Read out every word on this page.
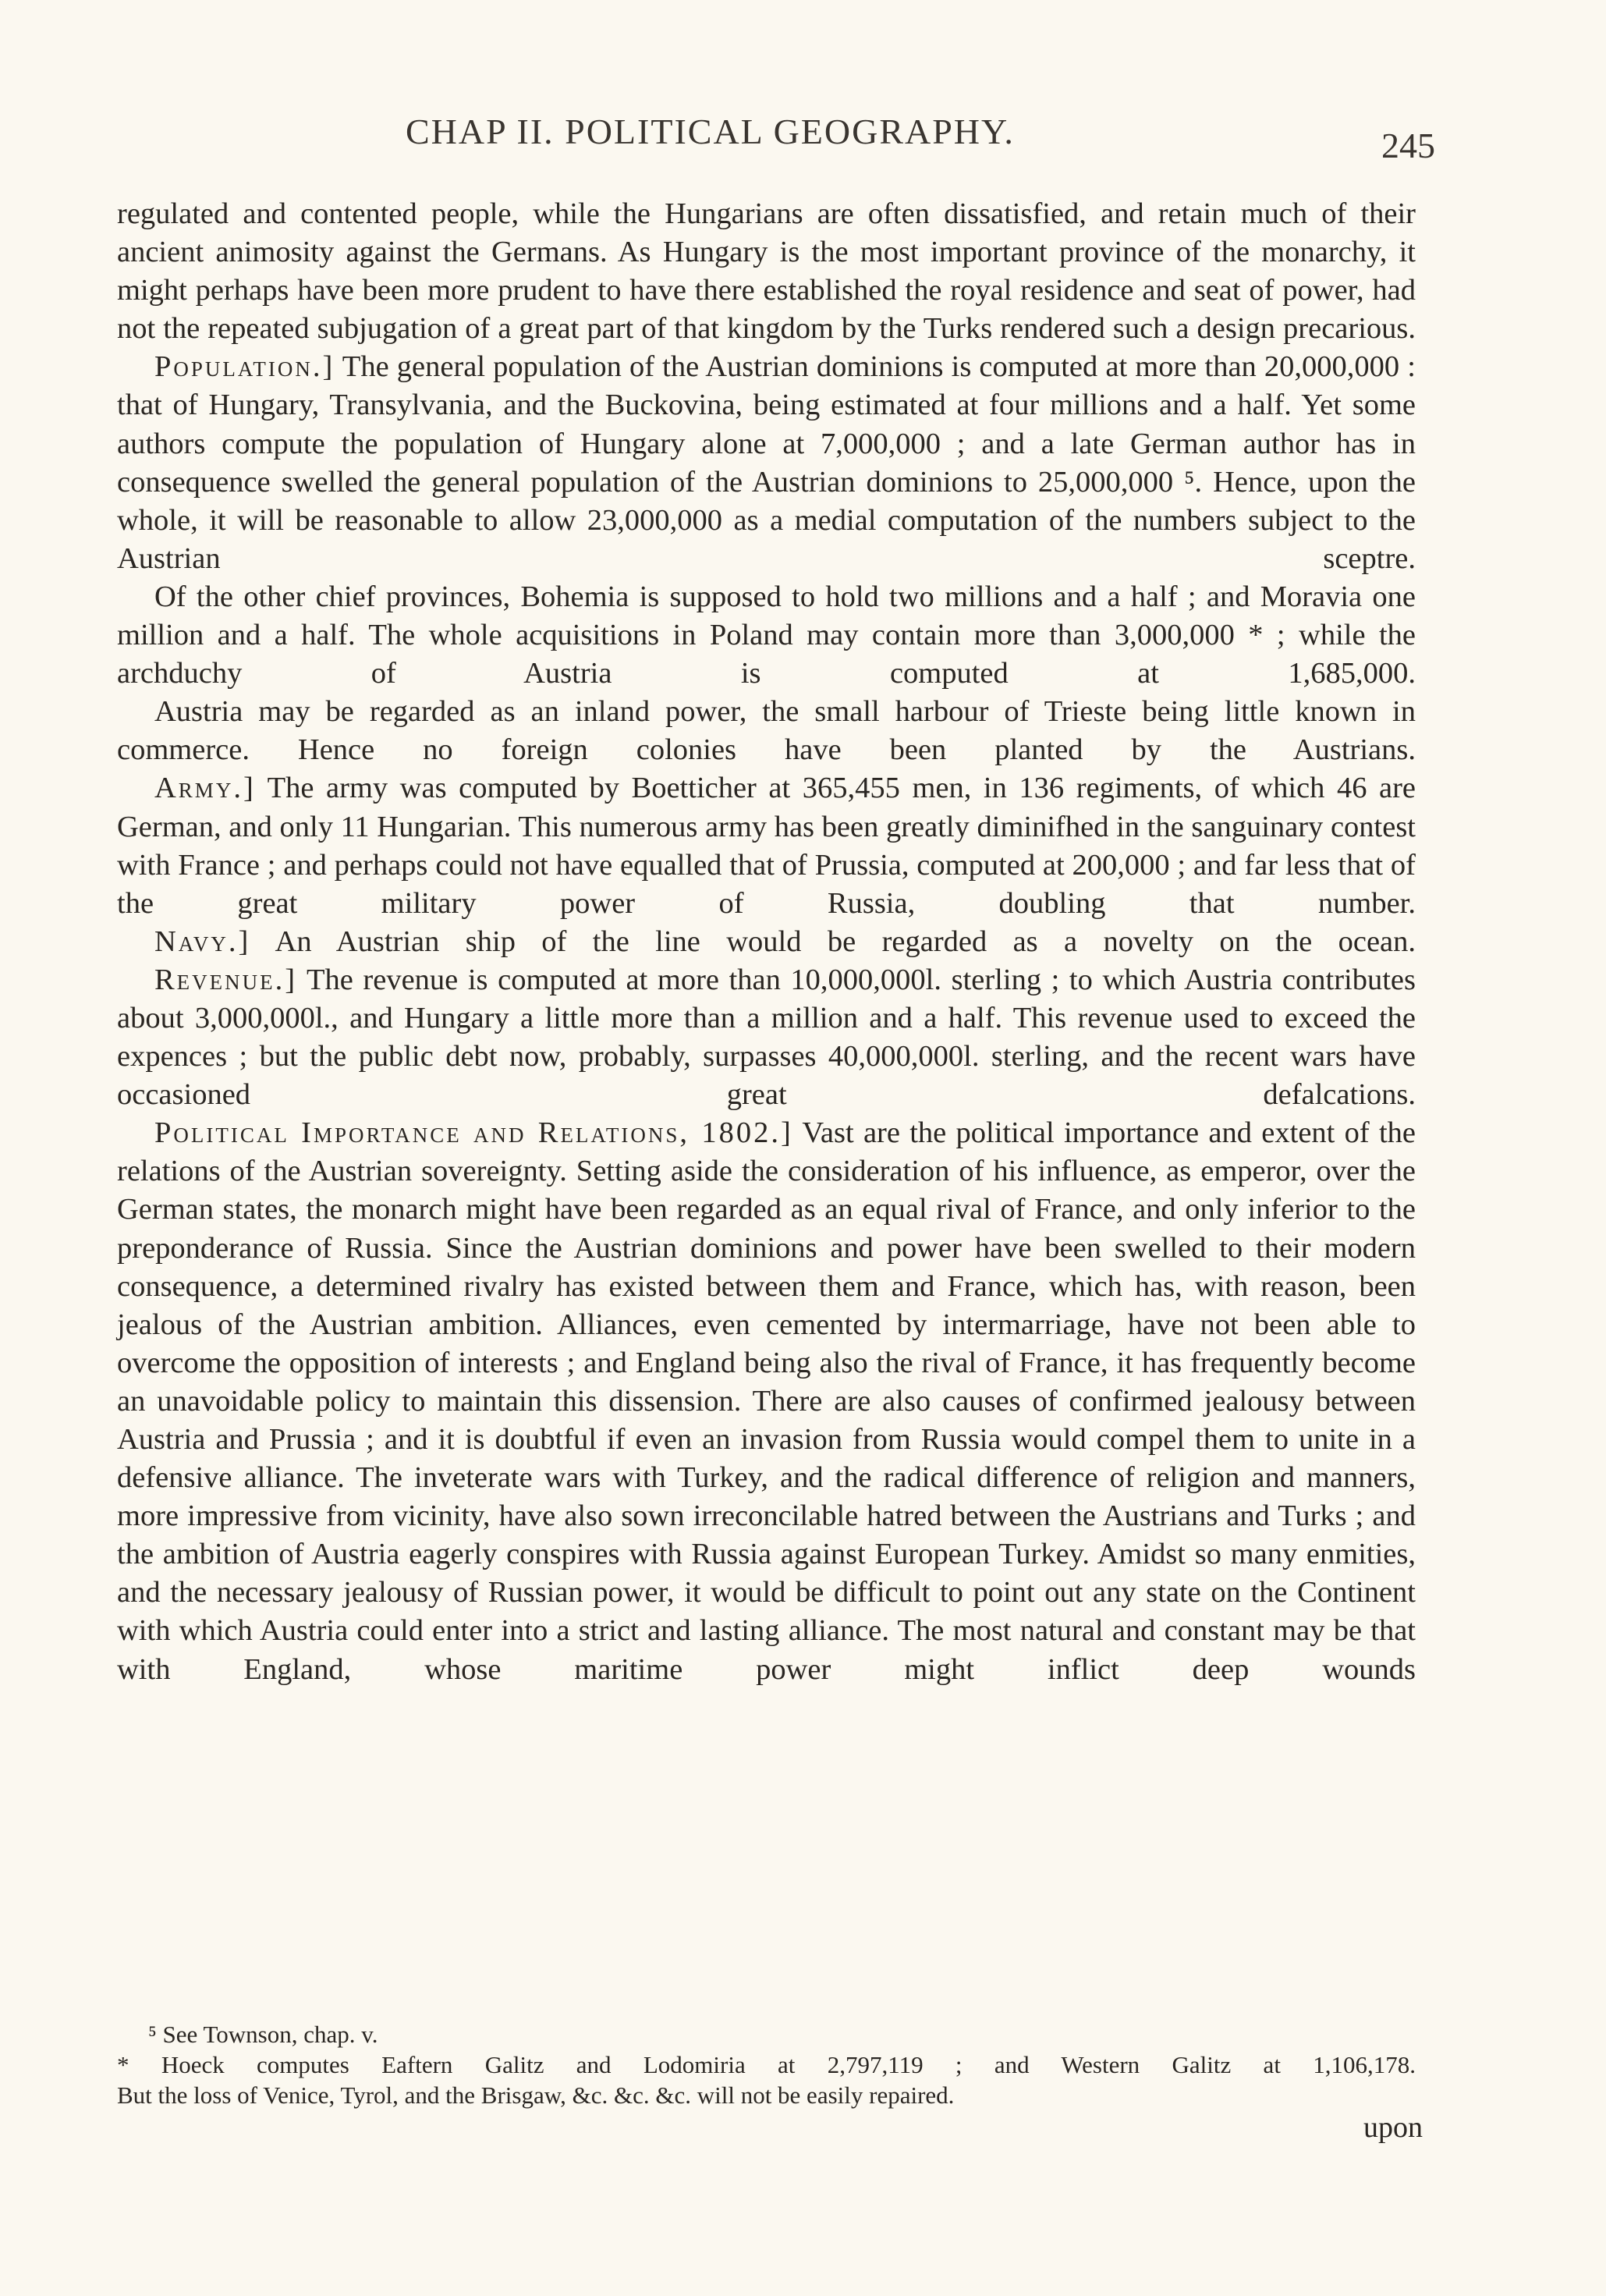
CHAP II. POLITICAL GEOGRAPHY.	245

regulated and contented people, while the Hungarians are often dissatisfied, and retain much of their ancient animosity against the Germans. As Hungary is the most important province of the monarchy, it might perhaps have been more prudent to have there established the royal residence and seat of power, had not the repeated subjugation of a great part of that kingdom by the Turks rendered such a design precarious.

Population.] The general population of the Austrian dominions is computed at more than 20,000,000 : that of Hungary, Transylvania, and the Buckovina, being estimated at four millions and a half. Yet some authors compute the population of Hungary alone at 7,000,000 ; and a late German author has in consequence swelled the general population of the Austrian dominions to 25,000,000 ⁵. Hence, upon the whole, it will be reasonable to allow 23,000,000 as a medial computation of the numbers subject to the Austrian sceptre.

Of the other chief provinces, Bohemia is supposed to hold two millions and a half ; and Moravia one million and a half. The whole acquisitions in Poland may contain more than 3,000,000 * ; while the archduchy of Austria is computed at 1,685,000.

Austria may be regarded as an inland power, the small harbour of Trieste being little known in commerce. Hence no foreign colonies have been planted by the Austrians.

Army.] The army was computed by Boetticher at 365,455 men, in 136 regiments, of which 46 are German, and only 11 Hungarian. This numerous army has been greatly diminifhed in the sanguinary contest with France ; and perhaps could not have equalled that of Prussia, computed at 200,000 ; and far less that of the great military power of Russia, doubling that number.

Navy.] An Austrian ship of the line would be regarded as a novelty on the ocean.

Revenue.] The revenue is computed at more than 10,000,000l. sterling ; to which Austria contributes about 3,000,000l., and Hungary a little more than a million and a half. This revenue used to exceed the expences ; but the public debt now, probably, surpasses 40,000,000l. sterling, and the recent wars have occasioned great defalcations.

Political Importance and Relations, 1802.] Vast are the political importance and extent of the relations of the Austrian sovereignty. Setting aside the consideration of his influence, as emperor, over the German states, the monarch might have been regarded as an equal rival of France, and only inferior to the preponderance of Russia. Since the Austrian dominions and power have been swelled to their modern consequence, a determined rivalry has existed between them and France, which has, with reason, been jealous of the Austrian ambition. Alliances, even cemented by intermarriage, have not been able to overcome the opposition of interests ; and England being also the rival of France, it has frequently become an unavoidable policy to maintain this dissension. There are also causes of confirmed jealousy between Austria and Prussia ; and it is doubtful if even an invasion from Russia would compel them to unite in a defensive alliance. The inveterate wars with Turkey, and the radical difference of religion and manners, more impressive from vicinity, have also sown irreconcilable hatred between the Austrians and Turks ; and the ambition of Austria eagerly conspires with Russia against European Turkey. Amidst so many enmities, and the necessary jealousy of Russian power, it would be difficult to point out any state on the Continent with which Austria could enter into a strict and lasting alliance. The most natural and constant may be that with England, whose maritime power might inflict deep wounds

⁵ See Townson, chap. v.

* Hoeck computes Eaftern Galitz and Lodomiria at 2,797,119 ; and Western Galitz at 1,106,178.

But the loss of Venice, Tyrol, and the Brisgaw, &c. &c. &c. will not be easily repaired.

upon
